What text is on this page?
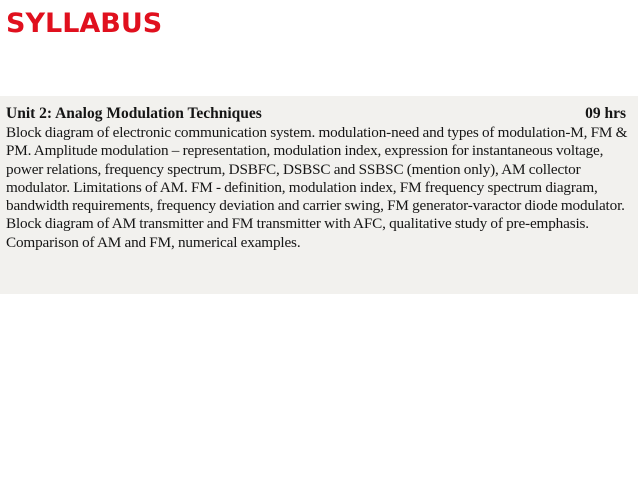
SYLLABUS
Unit 2: Analog Modulation Techniques	09 hrs
Block diagram of electronic communication system. modulation-need and types of modulation-M, FM &
PM. Amplitude modulation – representation, modulation index, expression for instantaneous voltage,
power relations, frequency spectrum, DSBFC, DSBSC and SSBSC (mention only), AM collector
modulator. Limitations of AM. FM - definition, modulation index, FM frequency spectrum diagram,
bandwidth requirements, frequency deviation and carrier swing, FM generator-varactor diode modulator.
Block diagram of AM transmitter and FM transmitter with AFC, qualitative study of pre-emphasis.
Comparison of AM and FM, numerical examples.
